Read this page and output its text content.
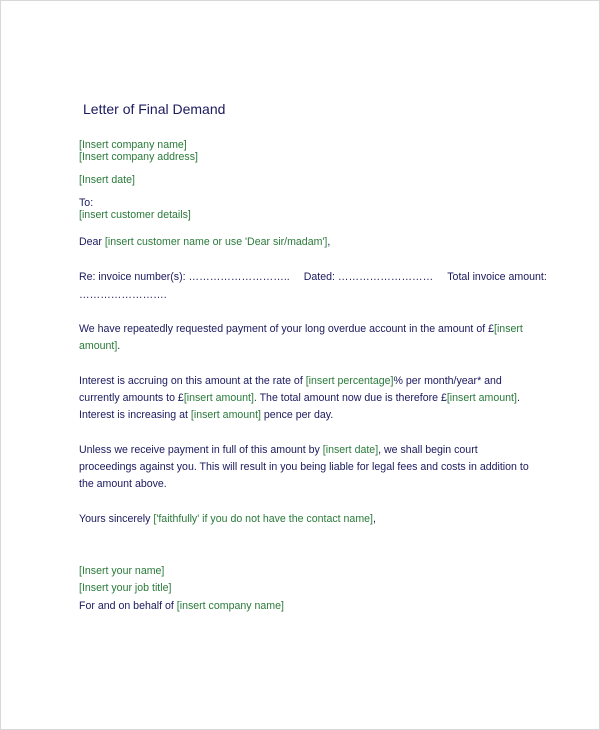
Letter of Final Demand
[Insert company name]
[Insert company address]
[Insert date]
To:
[insert customer details]
Dear [insert customer name or use 'Dear sir/madam'],
Re: invoice number(s): ……………………….. Dated: ……………………… Total invoice amount:
…………………….

We have repeatedly requested payment of your long overdue account in the amount of £[insert amount].

Interest is accruing on this amount at the rate of [insert percentage]% per month/year* and currently amounts to £[insert amount]. The total amount now due is therefore £[insert amount]. Interest is increasing at [insert amount] pence per day.

Unless we receive payment in full of this amount by [insert date], we shall begin court proceedings against you. This will result in you being liable for legal fees and costs in addition to the amount above.

Yours sincerely ['faithfully' if you do not have the contact name],
[Insert your name]
[Insert your job title]
For and on behalf of [insert company name]
